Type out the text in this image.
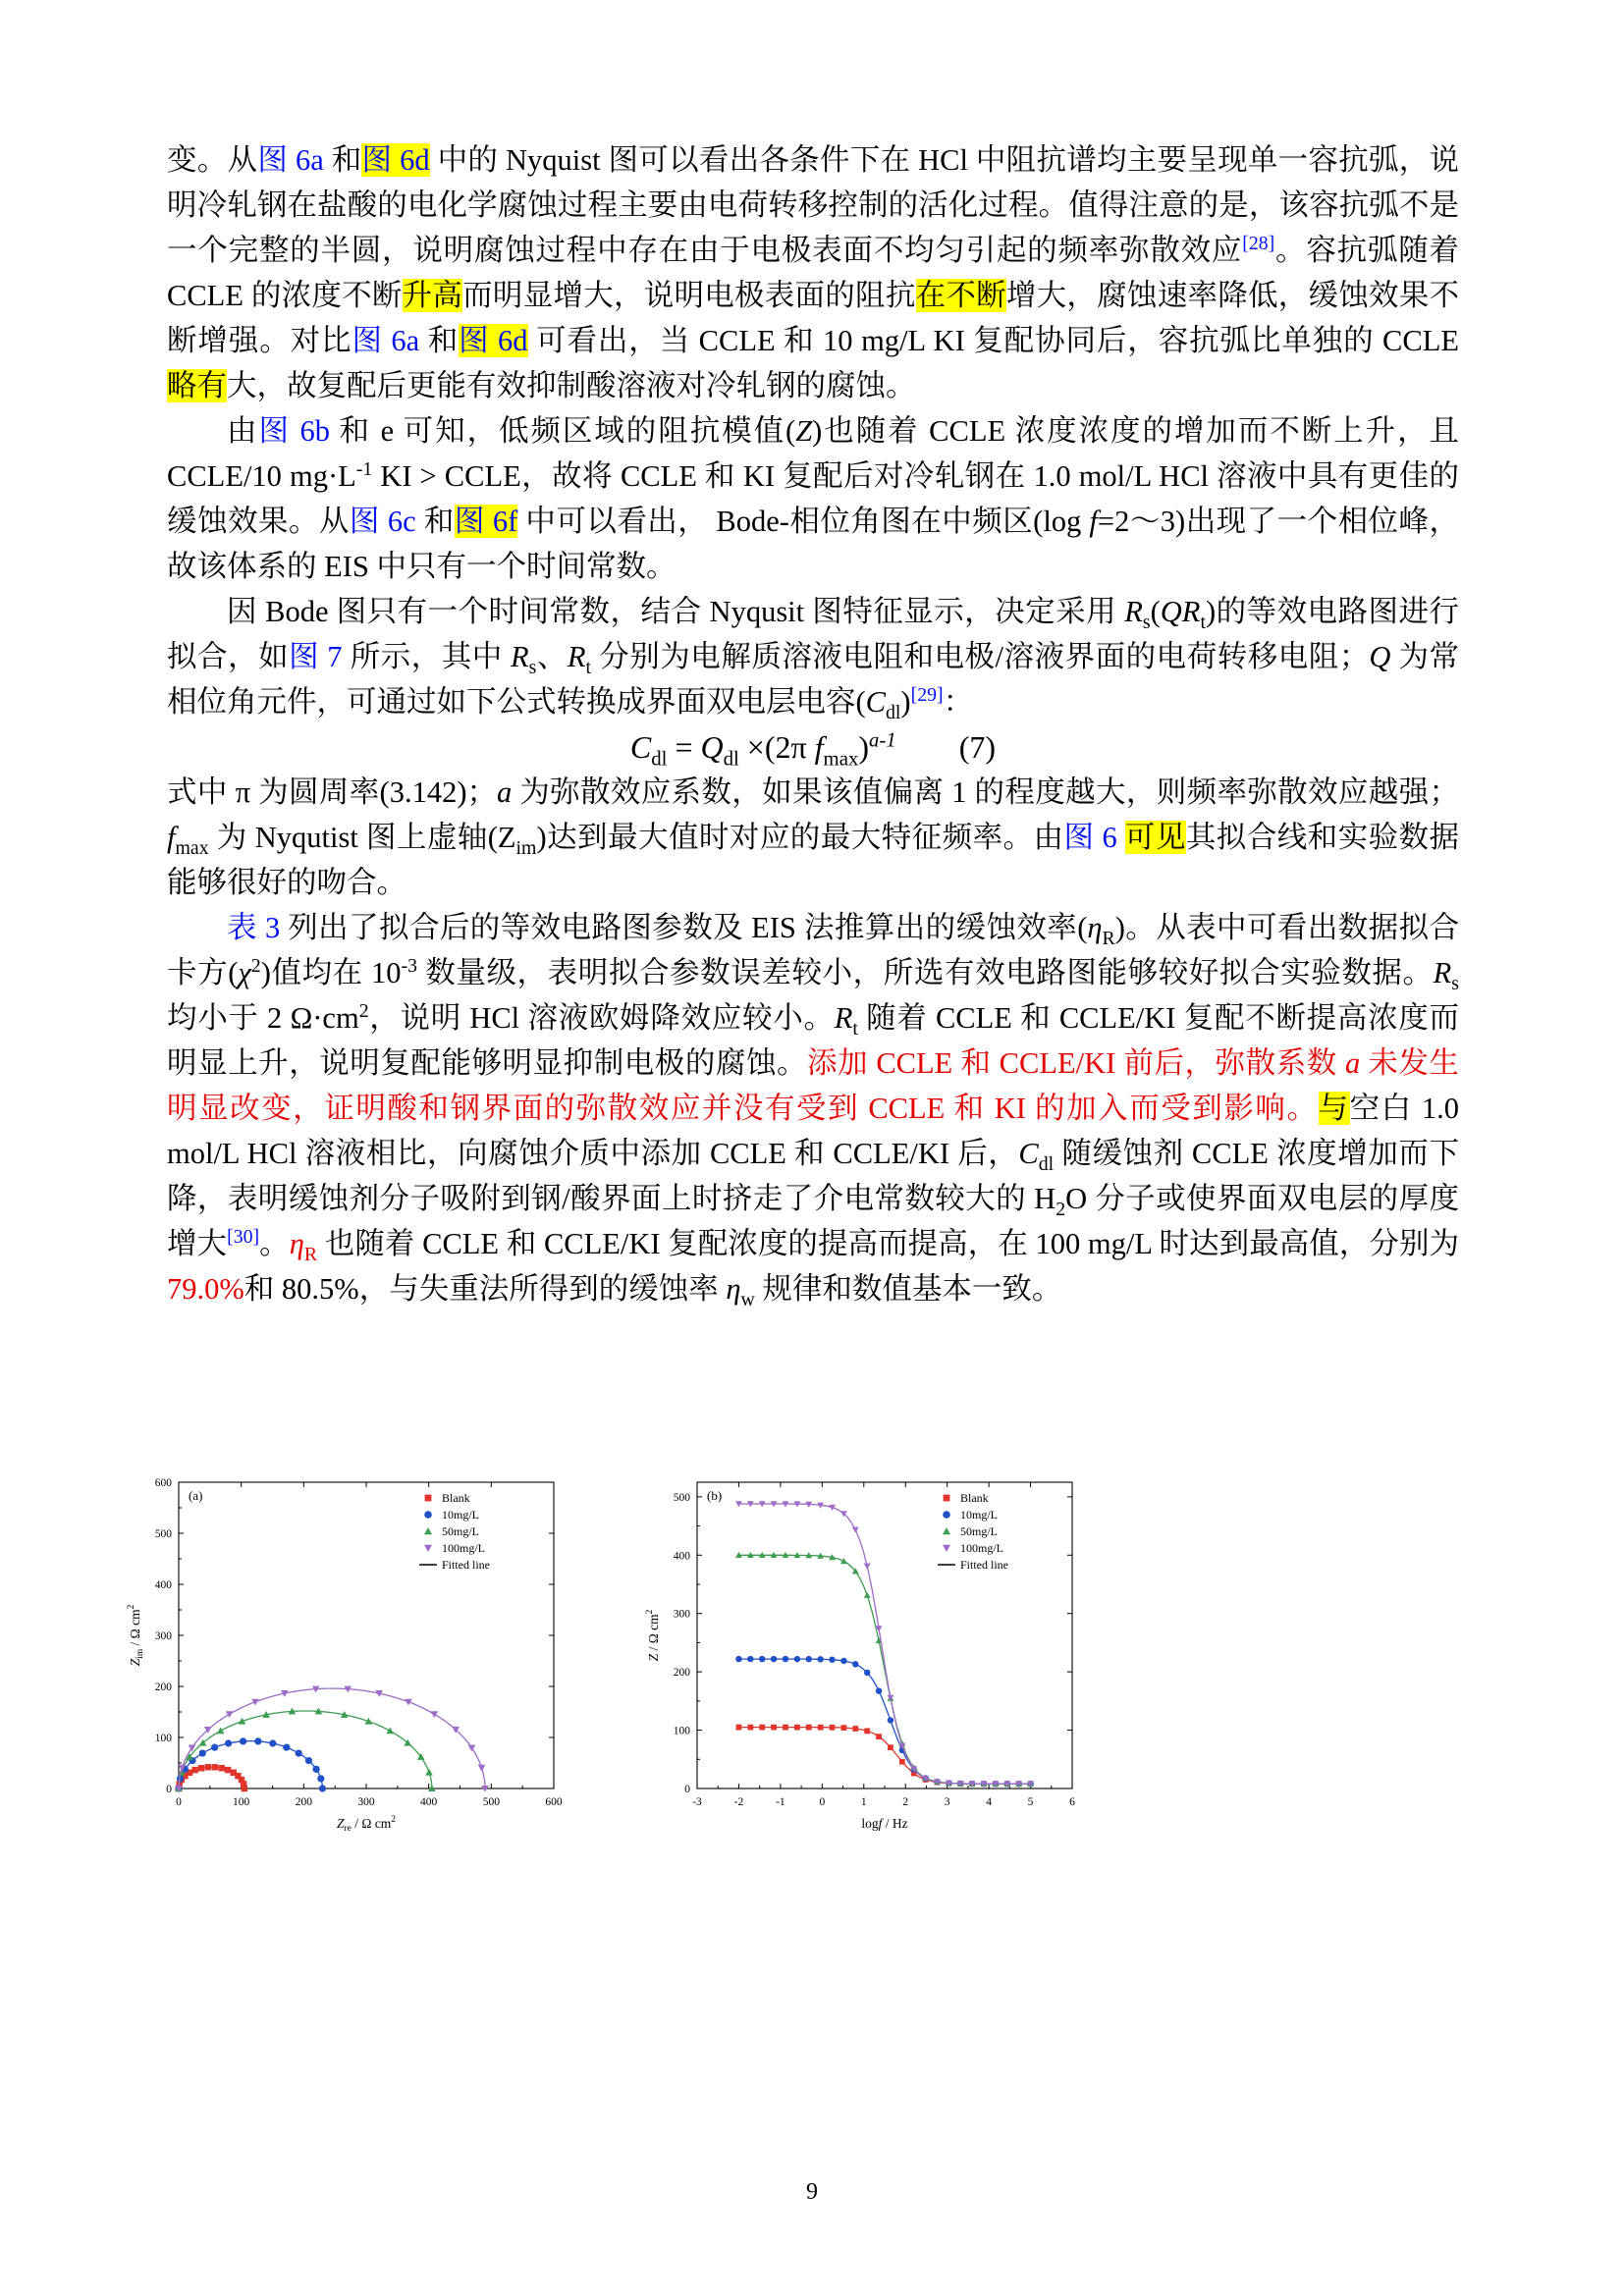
变。从图 6a 和图 6d 中的 Nyquist 图可以看出各条件下在 HCl 中阻抗谱均主要呈现单一容抗弧，说明冷轧钢在盐酸的电化学腐蚀过程主要由电荷转移控制的活化过程。值得注意的是，该容抗弧不是一个完整的半圆，说明腐蚀过程中存在由于电极表面不均匀引起的频率弥散效应[28]。容抗弧随着 CCLE 的浓度不断升高而明显增大，说明电极表面的阻抗在不断增大，腐蚀速率降低，缓蚀效果不断增强。对比图 6a 和图 6d 可看出，当 CCLE 和 10 mg/L KI 复配协同后，容抗弧比单独的 CCLE 略有大，故复配后更能有效抑制酸溶液对冷轧钢的腐蚀。

由图 6b 和 e 可知，低频区域的阻抗模值(Z)也随着 CCLE 浓度浓度的增加而不断上升，且 CCLE/10 $mg\cdot L^{-1}$ KI > CCLE，故将 CCLE 和 KI 复配后对冷轧钢在 1.0 mol/L HCl 溶液中具有更佳的缓蚀效果。从图 6c 和图 6f 中可以看出， Bode-相位角图在中频区(log f=2～3)出现了一个相位峰，故该体系的 EIS 中只有一个时间常数。

因 Bode 图只有一个时间常数，结合 Nyqusit 图特征显示，决定采用 $R_s(QR_t)$的等效电路图进行拟合，如图 7 所示，其中 $R_s$、$R_t$ 分别为电解质溶液电阻和电极/溶液界面的电荷转移电阻；Q 为常相位角元件，可通过如下公式转换成界面双电层电容$(C_{dl})[29]$：

$C_{dl} = Q_{dl} \times(2\pi$ $f_{max})^{a-1}$        (7)

式中 π 为圆周率(3.142)；a 为弥散效应系数，如果该值偏离 1 的程度越大，则频率弥散效应越强；$f_{max}$ 为 Nyqutist 图上虚轴$(Z_{im})$达到最大值时对应的最大特征频率。由图 6 可见其拟合线和实验数据能够很好的吻合。

表 3 列出了拟合后的等效电路图参数及 EIS 法推算出的缓蚀效率$(\eta_R)$。从表中可看出数据拟合卡方$(\chi^2)$值均在 $10^{-3}$ 数量级，表明拟合参数误差较小，所选有效电路图能够较好拟合实验数据。$R_s$ 均小于 2 $\Omega\cdot cm^2$，说明 HCl 溶液欧姆降效应较小。$R_t$ 随着 CCLE 和 CCLE/KI 复配不断提高浓度而明显上升，说明复配能够明显抑制电极的腐蚀。添加 CCLE 和 CCLE/KI 前后，弥散系数 a 未发生明显改变，证明酸和钢界面的弥散效应并没有受到 CCLE 和 KI 的加入而受到影响。与空白 1.0 mol/L HCl 溶液相比，向腐蚀介质中添加 CCLE 和 CCLE/KI 后，$C_{dl}$ 随缓蚀剂 CCLE 浓度增加而下降，表明缓蚀剂分子吸附到钢/酸界面上时挤走了介电常数较大的 $H_2O$ 分子或使界面双电层的厚度增大[30]。$\eta_R$ 也随着 CCLE 和 CCLE/KI 复配浓度的提高而提高，在 100 mg/L 时达到最高值，分别为 79.0%和 80.5%，与失重法所得到的缓蚀率 $\eta_w$ 规律和数值基本一致。

0	100	200	300	400	500	600
0
100
200
300
400
500
600
(a)
$Z_{re}$ / Ω $cm^2$
$Z_{im}$ / Ω $cm^2$
Blank
10mg/L
50mg/L
100mg/L
Fitted line
-3	-2	-1	0	1	2	3	4	5	6
0
100
200
300
400
500 (b)
logf / Hz
Z / Ω $cm^2$
Blank
10mg/L
50mg/L
100mg/L
Fitted line
9
